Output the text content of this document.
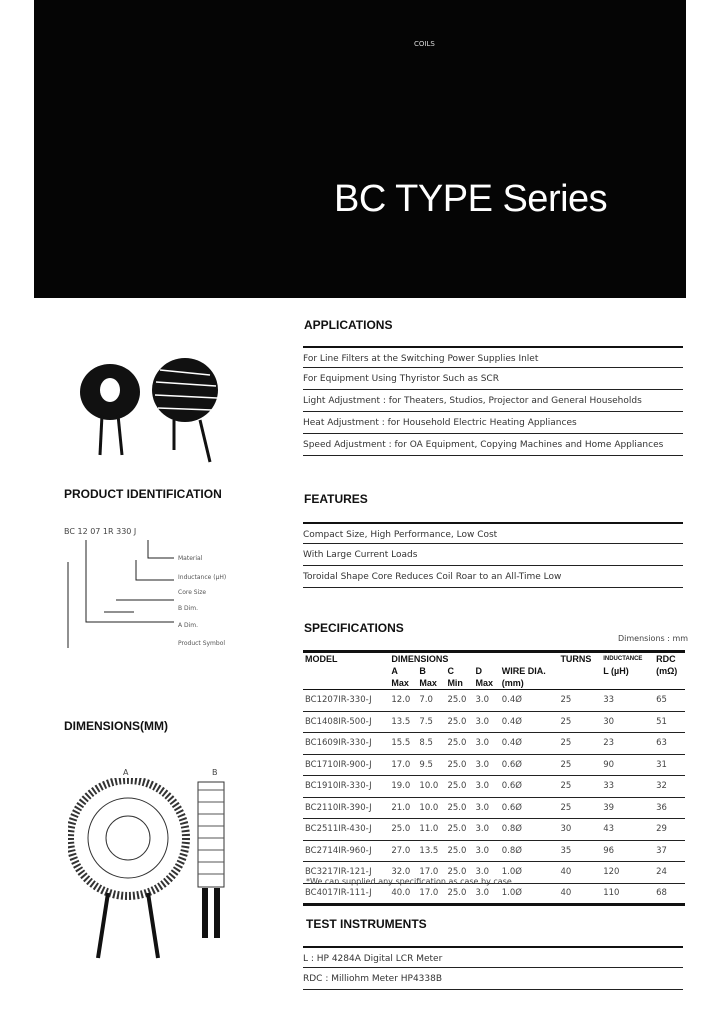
COILS
BC TYPE Series
APPLICATIONS
For Line Filters at the Switching Power Supplies Inlet
For Equipment Using Thyristor Such as SCR
Light Adjustment : for Theaters, Studios, Projector and General Households
Heat Adjustment : for Household Electric Heating Appliances
Speed Adjustment : for OA Equipment, Copying Machines and Home Appliances
PRODUCT IDENTIFICATION
BC 12 07 1R 330 J
Material
Inductance (µH)
Core Size
B Dim.
A Dim.
Product Symbol
DIMENSIONS(MM)
A	B
FEATURES
Compact Size, High Performance, Low Cost
With Large Current Loads
Toroidal Shape Core Reduces Coil Roar to an All-Time Low
SPECIFICATIONS
Dimensions : mm
MODEL	DIMENSIONS					TURNS	INDUCTANCE	RDC
	A	B	C	D	WIRE DIA.		L (µH)	(mΩ)
	Max	Max	Min	Max	(mm)			
BC1207IR-330-J	12.0	7.0	25.0	3.0	0.4Ø	25	33	65
BC1408IR-500-J	13.5	7.5	25.0	3.0	0.4Ø	25	30	51
BC1609IR-330-J	15.5	8.5	25.0	3.0	0.4Ø	25	23	63
BC1710IR-900-J	17.0	9.5	25.0	3.0	0.6Ø	25	90	31
BC1910IR-330-J	19.0	10.0	25.0	3.0	0.6Ø	25	33	32
BC2110IR-390-J	21.0	10.0	25.0	3.0	0.6Ø	25	39	36
BC2511IR-430-J	25.0	11.0	25.0	3.0	0.8Ø	30	43	29
BC2714IR-960-J	27.0	13.5	25.0	3.0	0.8Ø	35	96	37
BC3217IR-121-J	32.0	17.0	25.0	3.0	1.0Ø	40	120	24
BC4017IR-111-J	40.0	17.0	25.0	3.0	1.0Ø	40	110	68
*We can supplied any specification as case by case.
TEST INSTRUMENTS
L : HP 4284A Digital LCR Meter
RDC : Milliohm Meter HP4338B
